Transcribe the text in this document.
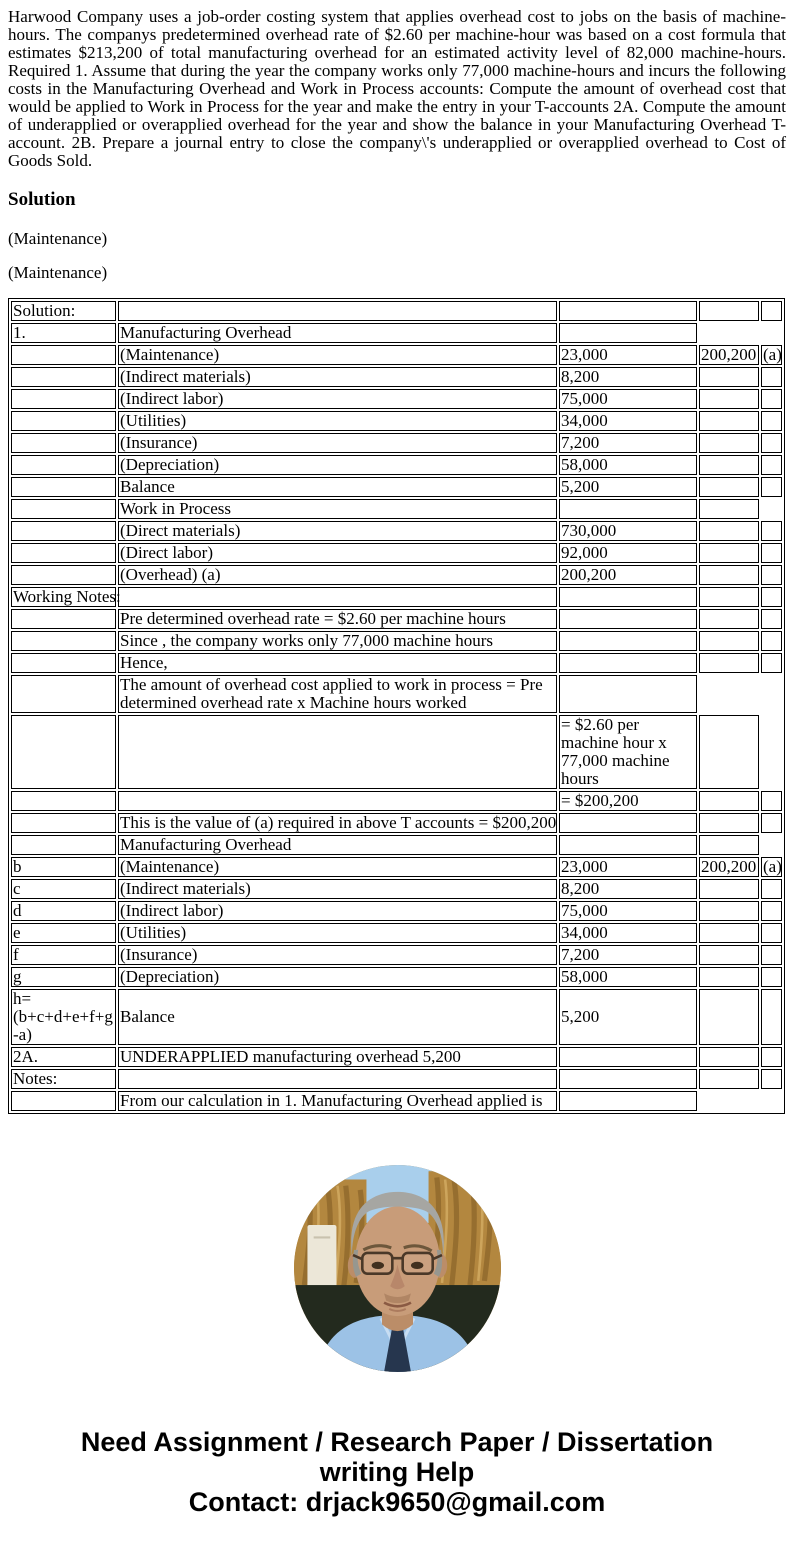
Harwood Company uses a job-order costing system that applies overhead cost to jobs on the basis of machine-hours. The companys predetermined overhead rate of $2.60 per machine-hour was based on a cost formula that estimates $213,200 of total manufacturing overhead for an estimated activity level of 82,000 machine-hours. Required 1. Assume that during the year the company works only 77,000 machine-hours and incurs the following costs in the Manufacturing Overhead and Work in Process accounts: Compute the amount of overhead cost that would be applied to Work in Process for the year and make the entry in your T-accounts 2A. Compute the amount of underapplied or overapplied overhead for the year and show the balance in your Manufacturing Overhead T-account. 2B. Prepare a journal entry to close the company\'s underapplied or overapplied overhead to Cost of Goods Sold.

Solution

(Maintenance)

(Maintenance)

Solution:				
1.	Manufacturing Overhead			
	(Maintenance)	23,000	200,200	(a)
	(Indirect materials)	8,200		
	(Indirect labor)	75,000		
	(Utilities)	34,000		
	(Insurance)	7,200		
	(Depreciation)	58,000		
	Balance	5,200		
	Work in Process			
	(Direct materials)	730,000		
	(Direct labor)	92,000		
	(Overhead) (a)	200,200		
Working Notes:				
	Pre determined overhead rate = $2.60 per machine hours			
	Since , the company works only 77,000 machine hours			
	Hence,			
	The amount of overhead cost applied to work in process = Pre determined overhead rate x Machine hours worked			
		= $2.60 per machine hour x 77,000 machine hours		
		= $200,200		
	This is the value of (a) required in above T accounts = $200,200			
	Manufacturing Overhead			
b	(Maintenance)	23,000	200,200	(a)
c	(Indirect materials)	8,200		
d	(Indirect labor)	75,000		
e	(Utilities)	34,000		
f	(Insurance)	7,200		
g	(Depreciation)	58,000		
h= (b+c+d+e+f+g -a)	Balance	5,200		
2A.	UNDERAPPLIED manufacturing overhead 5,200			
Notes:				
	From our calculation in 1. Manufacturing Overhead applied is			
Need Assignment / Research Paper / Dissertation
writing Help
Contact: drjack9650@gmail.com
